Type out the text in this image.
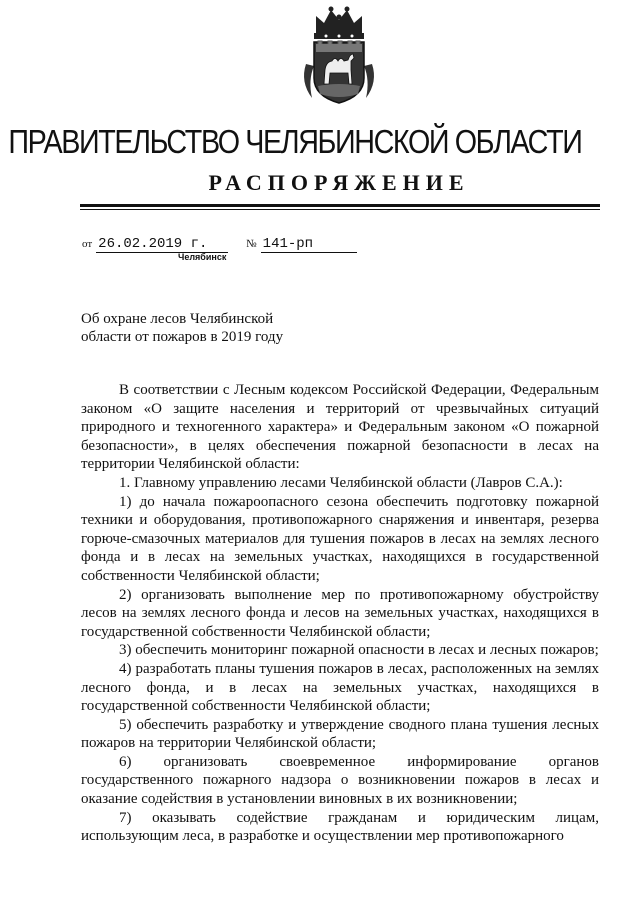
ПРАВИТЕЛЬСТВО ЧЕЛЯБИНСКОЙ ОБЛАСТИ
РАСПОРЯЖЕНИЕ
от 26.02.2019 г.	№ 141-рп
Челябинск
Об охране лесов Челябинской
области от пожаров в 2019 году

В соответствии с Лесным кодексом Российской Федерации, Федеральным законом «О защите населения и территорий от чрезвычайных ситуаций природного и техногенного характера» и Федеральным законом «О пожарной безопасности», в целях обеспечения пожарной безопасности в лесах на территории Челябинской области:

1. Главному управлению лесами Челябинской области (Лавров С.А.):

1) до начала пожароопасного сезона обеспечить подготовку пожарной техники и оборудования, противопожарного снаряжения и инвентаря, резерва горюче-смазочных материалов для тушения пожаров в лесах на землях лесного фонда и в лесах на земельных участках, находящихся в государственной собственности Челябинской области;

2) организовать выполнение мер по противопожарному обустройству лесов на землях лесного фонда и лесов на земельных участках, находящихся в государственной собственности Челябинской области;

3) обеспечить мониторинг пожарной опасности в лесах и лесных пожаров;

4) разработать планы тушения пожаров в лесах, расположенных на землях лесного фонда, и в лесах на земельных участках, находящихся в государственной собственности Челябинской области;

5) обеспечить разработку и утверждение сводного плана тушения лесных пожаров на территории Челябинской области;

6) организовать своевременное информирование органов государственного пожарного надзора о возникновении пожаров в лесах и оказание содействия в установлении виновных в их возникновении;

7) оказывать содействие гражданам и юридическим лицам, использующим леса, в разработке и осуществлении мер противопожарного
